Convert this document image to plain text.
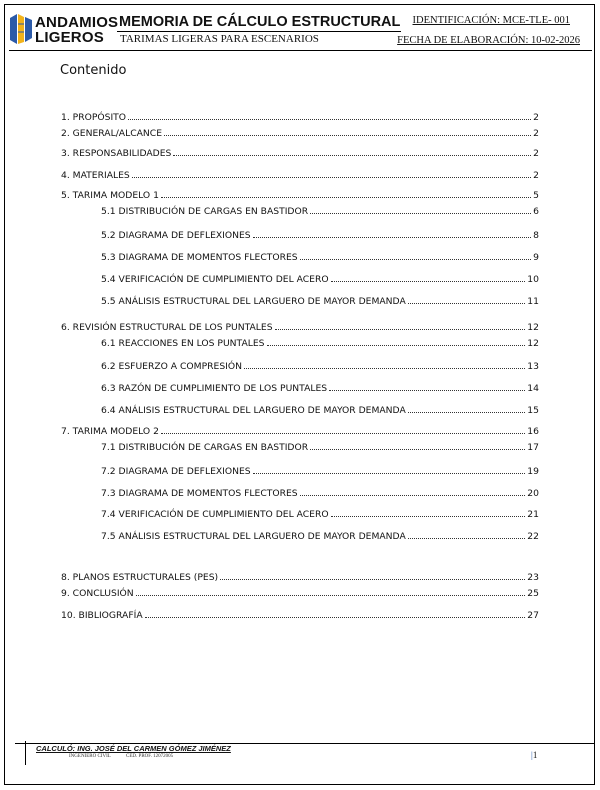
ANDAMIOS
LIGEROS
MEMORIA DE CÁLCULO ESTRUCTURAL
TARIMAS LIGERAS PARA ESCENARIOS
IDENTIFICACIÓN: MCE-TLE- 001
FECHA DE ELABORACIÓN: 10-02-2026
Contenido
1. PROPÓSITO	2
2. GENERAL/ALCANCE	2
3. RESPONSABILIDADES	2
4. MATERIALES	2
5. TARIMA MODELO 1	5
5.1 DISTRIBUCIÓN DE CARGAS EN BASTIDOR	6
5.2 DIAGRAMA DE DEFLEXIONES	8
5.3 DIAGRAMA DE MOMENTOS FLECTORES	9
5.4 VERIFICACIÓN DE CUMPLIMIENTO DEL ACERO	10
5.5 ANÁLISIS ESTRUCTURAL DEL LARGUERO DE MAYOR DEMANDA	11
6. REVISIÓN ESTRUCTURAL DE LOS PUNTALES	12
6.1 REACCIONES EN LOS PUNTALES	12
6.2 ESFUERZO A COMPRESIÓN	13
6.3 RAZÓN DE CUMPLIMIENTO DE LOS PUNTALES	14
6.4 ANÁLISIS ESTRUCTURAL DEL LARGUERO DE MAYOR DEMANDA	15
7. TARIMA MODELO 2	16
7.1 DISTRIBUCIÓN DE CARGAS EN BASTIDOR	17
7.2 DIAGRAMA DE DEFLEXIONES	19
7.3 DIAGRAMA DE MOMENTOS FLECTORES	20
7.4 VERIFICACIÓN DE CUMPLIMIENTO DEL ACERO	21
7.5 ANÁLISIS ESTRUCTURAL DEL LARGUERO DE MAYOR DEMANDA	22
8. PLANOS ESTRUCTURALES (PES)	23
9. CONCLUSIÓN	25
10. BIBLIOGRAFÍA	27
CALCULÓ: ING. JOSÉ DEL CARMEN GÓMEZ JIMÉNEZ
INGENIERO CIVIL	CED. PROF. 12072005	|1
